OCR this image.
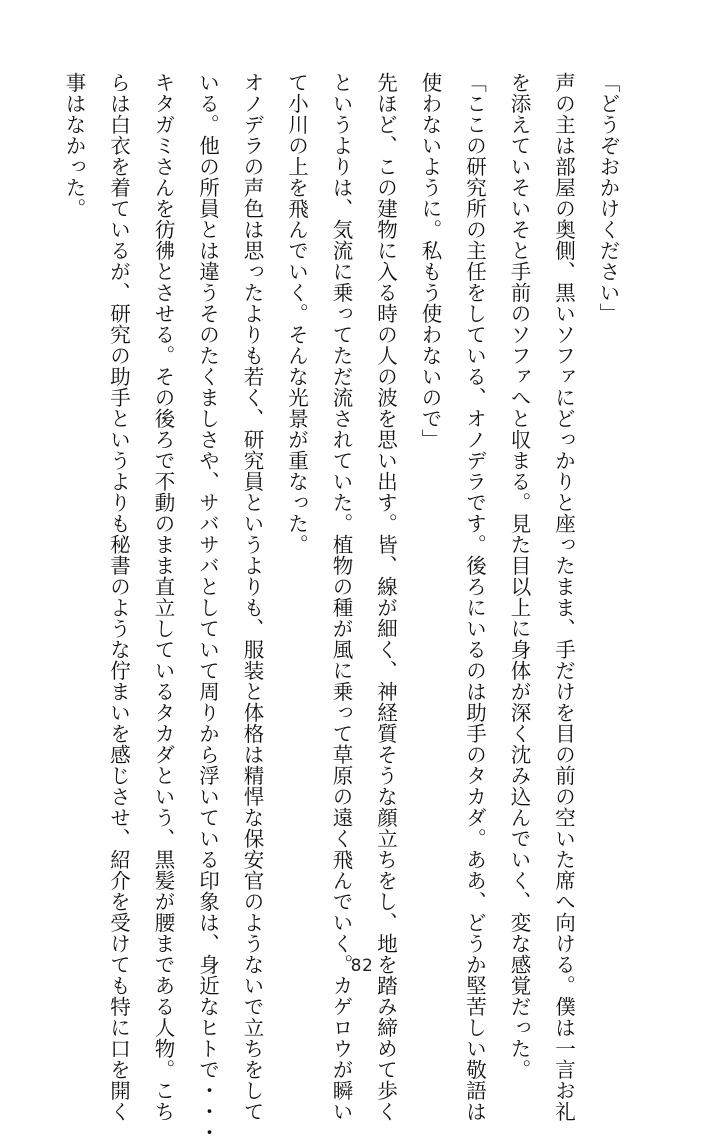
「どうぞおかけください」
声の主は部屋の奥側、黒いソファにどっかりと座ったまま、手だけを目の前の空いた席へ向ける。僕は一言お礼
を添えていそいそと手前のソファへと収まる。見た目以上に身体が深く沈み込んでいく、変な感覚だった。
「ここの研究所の主任をしている、オノデラです。後ろにいるのは助手のタカダ。ああ、どうか堅苦しい敬語は
使わないように。私もう使わないので」
先ほど、この建物に入る時の人の波を思い出す。皆、線が細く、神経質そうな顔立ちをし、地を踏み締めて歩く
というよりは、気流に乗ってただ流されていた。植物の種が風に乗って草原の遠く飛んでいく。カゲロウが瞬い
て小川の上を飛んでいく。そんな光景が重なった。
オノデラの声色は思ったよりも若く、研究員というよりも、服装と体格は精悍な保安官のようないで立ちをして
いる。他の所員とは違うそのたくましさや、サバサバとしていて周りから浮いている印象は、身近なヒトで・・・
キタガミさんを彷彿とさせる。その後ろで不動のまま直立しているタカダという、黒髪が腰まである人物。こち
らは白衣を着ているが、研究の助手というよりも秘書のような佇まいを感じさせ、紹介を受けても特に口を開く
事はなかった。
82
